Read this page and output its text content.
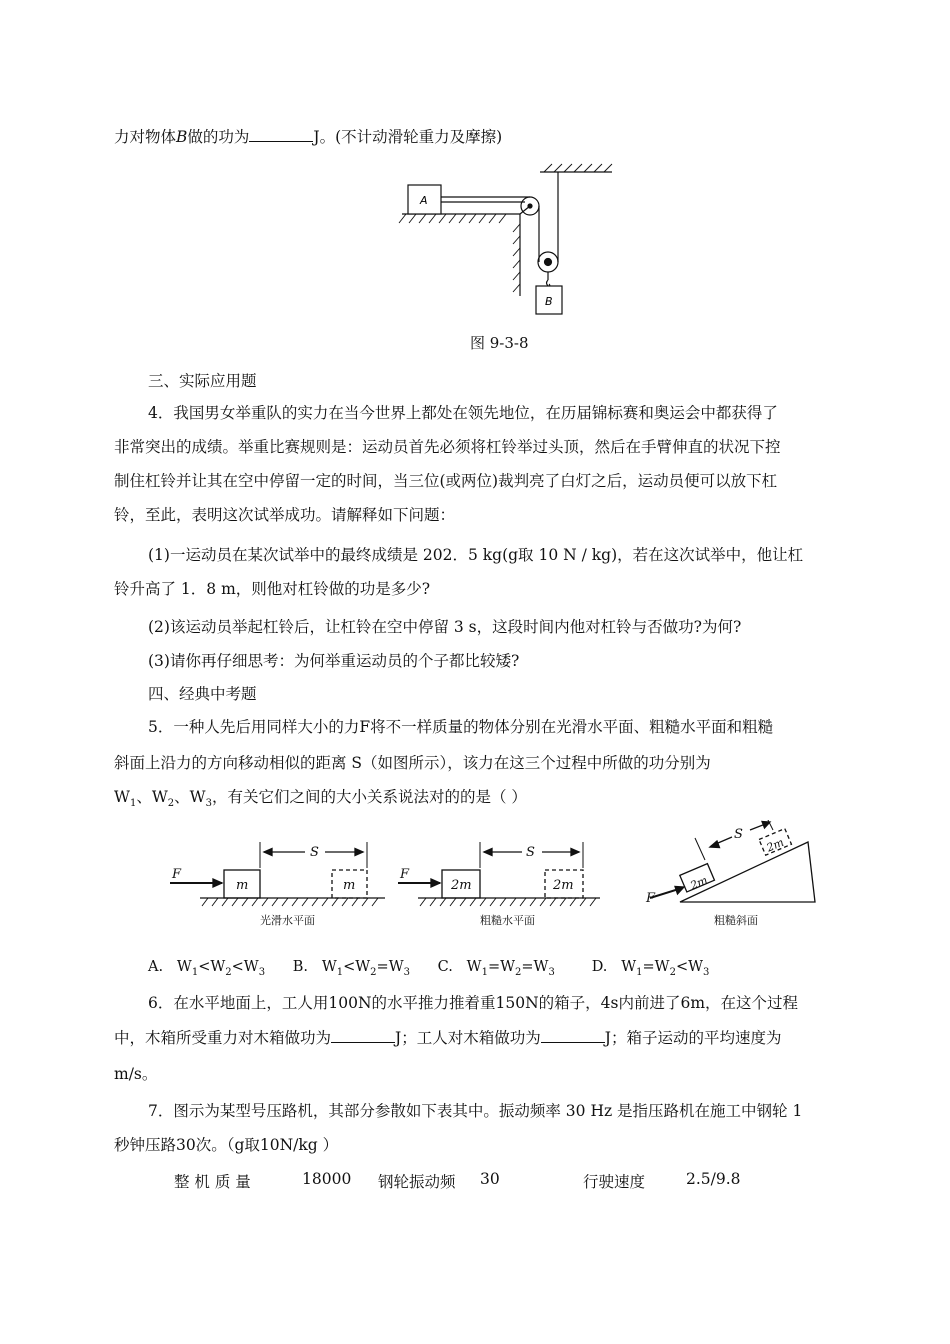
力对物体B做的功为	J。(不计动滑轮重力及摩擦)
A
B
图 9-3-8
三、实际应用题
4．我国男女举重队的实力在当今世界上都处在领先地位，在历届锦标赛和奥运会中都获得了
非常突出的成绩。举重比赛规则是：运动员首先必须将杠铃举过头顶，然后在手臂伸直的状况下控
制住杠铃并让其在空中停留一定的时间，当三位(或两位)裁判亮了白灯之后，运动员便可以放下杠
铃，至此，表明这次试举成功。请解释如下问题：
(1)一运动员在某次试举中的最终成绩是 202．5 kg(g取 10 N / kg)，若在这次试举中，他让杠
铃升高了 1．8 m，则他对杠铃做的功是多少?
(2)该运动员举起杠铃后，让杠铃在空中停留 3 s，这段时间内他对杠铃与否做功?为何?
(3)请你再仔细思考：为何举重运动员的个子都比较矮?
四、经典中考题
5．一种人先后用同样大小的力F将不一样质量的物体分别在光滑水平面、粗糙水平面和粗糙
斜面上沿力的方向移动相似的距离 S（如图所示），该力在这三个过程中所做的功分别为
$W_1$、$W_2$、$W_3$，有关它们之间的大小关系说法对的的是（ ）
F
S
m	m
F
S
2m	2m
F
S
2m
2m
光滑水平面	粗糙水平面	粗糙斜面
A. $W_1<W_2<W_3$ B. $W_1<W_2=W_3$ C. $W_1=W_2=W_3$	D. $W_1=W_2<W_3$
6．在水平地面上，工人用100N的水平推力推着重150N的箱子，4s内前进了6m，在这个过程
中，木箱所受重力对木箱做功为	J；工人对木箱做功为	J；箱子运动的平均速度为
m/s。
7．图示为某型号压路机，其部分参散如下表其中。振动频率 30 Hz 是指压路机在施工中钢轮 1
秒钟压路30次。（g取10N/kg ）
整 机 质 量	18000 钢轮振动频 30	行驶速度	2.5/9.8
